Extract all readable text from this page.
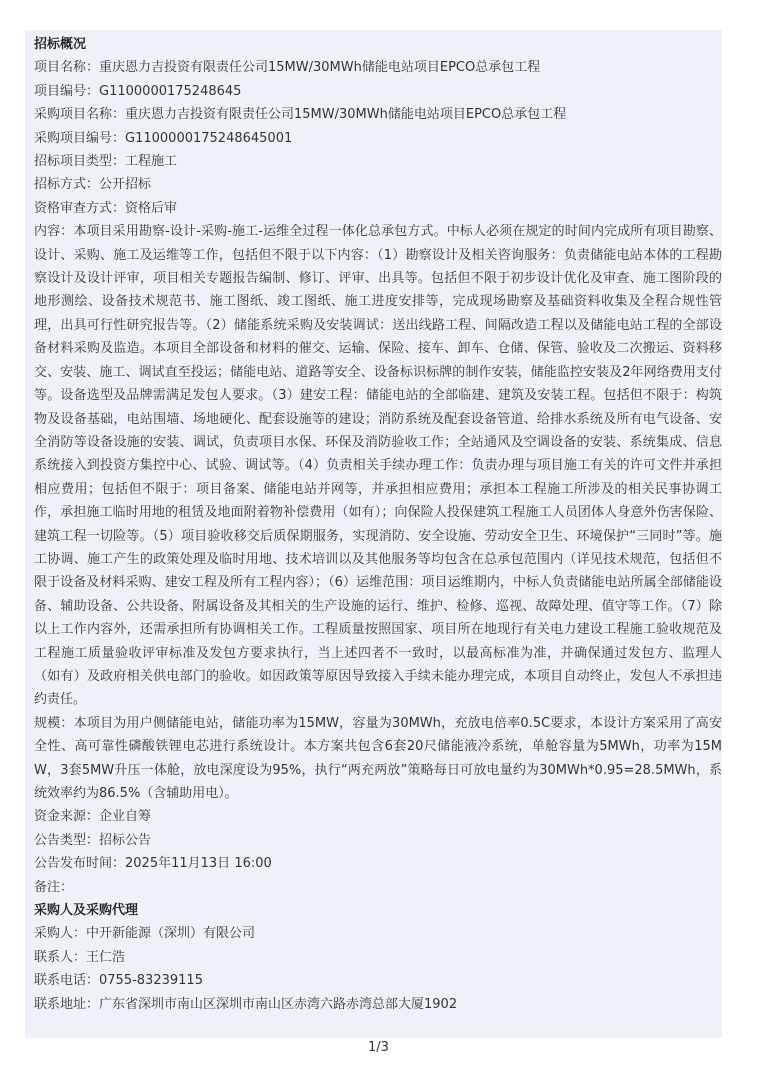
招标概况
项目名称：重庆恩力吉投资有限责任公司15MW/30MWh储能电站项目EPCO总承包工程
项目编号：G1100000175248645
采购项目名称：重庆恩力吉投资有限责任公司15MW/30MWh储能电站项目EPCO总承包工程
采购项目编号：G1100000175248645001
招标项目类型：工程施工
招标方式：公开招标
资格审查方式：资格后审
内容：本项目采用勘察-设计-采购-施工-运维全过程一体化总承包方式。中标人必须在规定的时间内完成所有项目勘察、设计、采购、施工及运维等工作，包括但不限于以下内容：（1）勘察设计及相关咨询服务：负责储能电站本体的工程勘察设计及设计评审，项目相关专题报告编制、修订、评审、出具等。包括但不限于初步设计优化及审查、施工图阶段的地形测绘、设备技术规范书、施工图纸、竣工图纸、施工进度安排等，完成现场勘察及基础资料收集及全程合规性管理，出具可行性研究报告等。（2）储能系统采购及安装调试：送出线路工程、间隔改造工程以及储能电站工程的全部设备材料采购及监造。本项目全部设备和材料的催交、运输、保险、接车、卸车、仓储、保管、验收及二次搬运、资料移交、安装、施工、调试直至投运；储能电站、道路等安全、设备标识标牌的制作安装，储能监控安装及2年网络费用支付等。设备选型及品牌需满足发包人要求。（3）建安工程：储能电站的全部临建、建筑及安装工程。包括但不限于：构筑物及设备基础，电站围墙、场地硬化、配套设施等的建设；消防系统及配套设备管道、给排水系统及所有电气设备、安全消防等设备设施的安装、调试，负责项目水保、环保及消防验收工作；全站通风及空调设备的安装、系统集成、信息系统接入到投资方集控中心、试验、调试等。（4）负责相关手续办理工作：负责办理与项目施工有关的许可文件并承担相应费用；包括但不限于：项目备案、储能电站并网等，并承担相应费用；承担本工程施工所涉及的相关民事协调工作，承担施工临时用地的租赁及地面附着物补偿费用（如有）；向保险人投保建筑工程施工人员团体人身意外伤害保险、建筑工程一切险等。（5）项目验收移交后质保期服务，实现消防、安全设施、劳动安全卫生、环境保护“三同时”等。施工协调、施工产生的政策处理及临时用地、技术培训以及其他服务等均包含在总承包范围内（详见技术规范，包括但不限于设备及材料采购、建安工程及所有工程内容）；（6）运维范围：项目运维期内，中标人负责储能电站所属全部储能设备、辅助设备、公共设备、附属设备及其相关的生产设施的运行、维护、检修、巡视、故障处理、值守等工作。（7）除以上工作内容外，还需承担所有协调相关工作。工程质量按照国家、项目所在地现行有关电力建设工程施工验收规范及工程施工质量验收评审标准及发包方要求执行，当上述四者不一致时，以最高标准为准，并确保通过发包方、监理人（如有）及政府相关供电部门的验收。如因政策等原因导致接入手续未能办理完成，本项目自动终止，发包人不承担违约责任。
规模：本项目为用户侧储能电站，储能功率为15MW，容量为30MWh，充放电倍率0.5C要求，本设计方案采用了高安全性、高可靠性磷酸铁锂电芯进行系统设计。本方案共包含6套20尺储能液冷系统，单舱容量为5MWh，功率为15MW，3套5MW升压一体舱，放电深度设为95%，执行“两充两放”策略每日可放电量约为30MWh*0.95=28.5MWh，系统效率约为86.5%（含辅助用电）。
资金来源：企业自筹
公告类型：招标公告
公告发布时间：2025年11月13日 16:00
备注：
采购人及采购代理
采购人：中开新能源（深圳）有限公司
联系人：王仁浩
联系电话：0755-83239115
联系地址：广东省深圳市南山区深圳市南山区赤湾六路赤湾总部大厦1902
1/3
